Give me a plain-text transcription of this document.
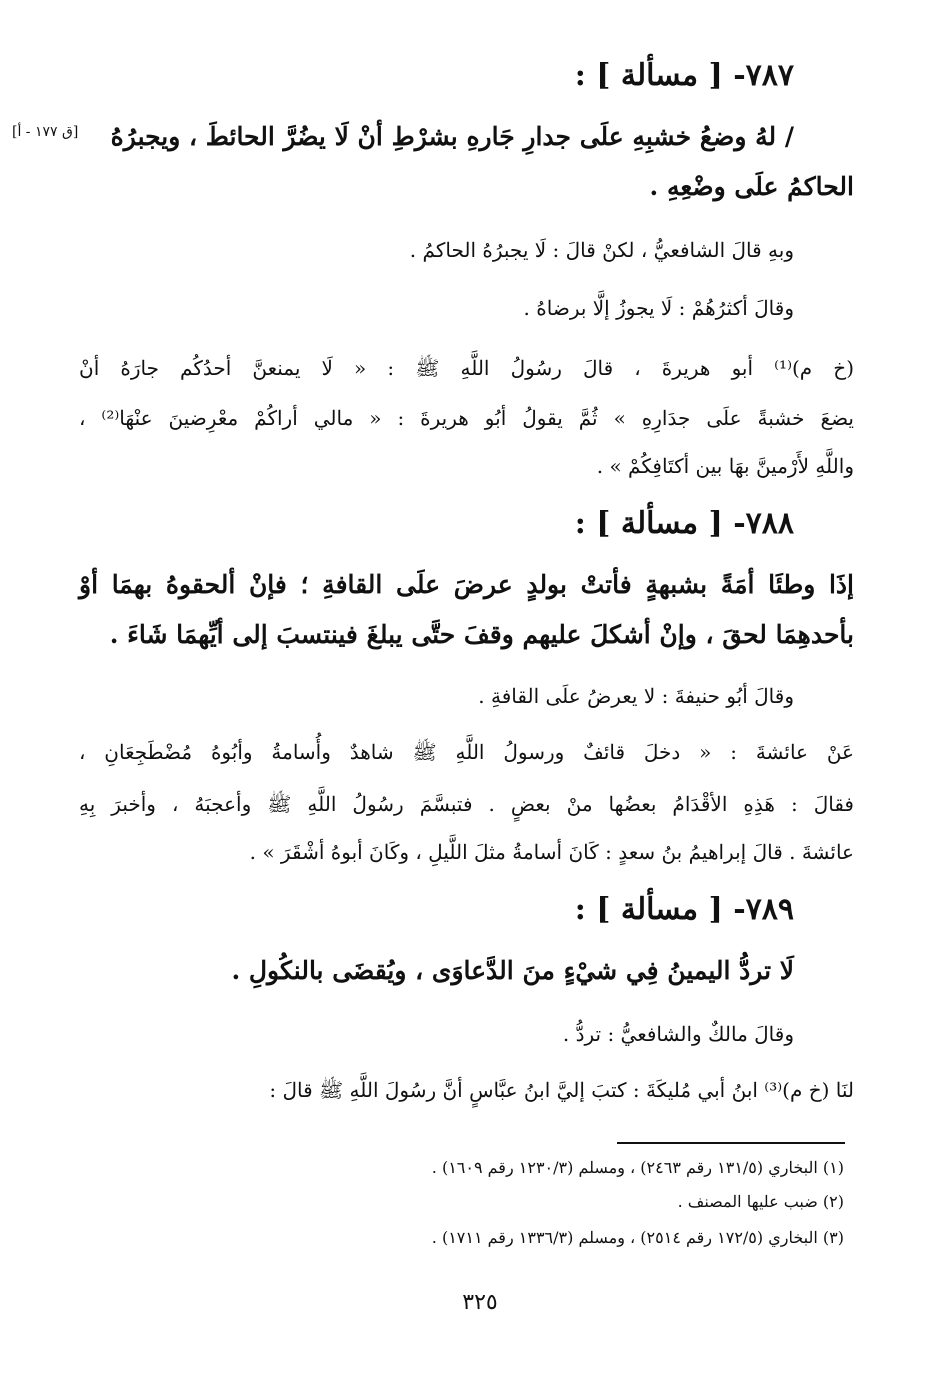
٧٨٧- [ مسألة ] :
/ لهُ وضعُ خشبِهِ علَى جدارِ جَارهِ بشرْطِ أنْ لَا يضُرَّ الحائطَ ، ويجبرُهُ
[ق ١٧٧ - أ]
الحاكمُ علَى وضْعِهِ .
وبهِ قالَ الشافعيُّ ، لكنْ قالَ : لَا يجبرُهُ الحاكمُ .
وقالَ أكثرُهُمْ : لَا يجوزُ إلَّا برضاهُ .
(خ م)⁽¹⁾ أبو هريرةَ ، قالَ رسُولُ اللَّهِ ﷺ : « لَا يمنعنَّ أحدُكُم جارَهُ أنْ
يضعَ خشبةً علَى جدَارِهِ » ثُمَّ يقولُ أبُو هريرةَ : « مالي أراكُمْ معْرِضينَ عنْهَا⁽²⁾ ،
واللَّهِ لأَرْمينَّ بهَا بين أكتَافِكُمْ » .
٧٨٨- [ مسألة ] :
إذَا وطئَا أمَةً بشبهةٍ فأتتْ بولدٍ عرضَ علَى القافةِ ؛ فإنْ ألحقوهُ بهمَا أوْ
بأحدهِمَا لحقَ ، وإنْ أشكلَ عليهم وقفَ حتَّى يبلغَ فينتسبَ إلى أيِّهمَا شَاءَ .
وقالَ أبُو حنيفةَ : لا يعرضُ علَى القافةِ .
عَنْ عائشةَ : « دخلَ قائفٌ ورسولُ اللَّهِ ﷺ شاهدٌ وأُسامةُ وأبُوهُ مُضْطَجِعَانِ ،
فقالَ : هَذِهِ الأقْدَامُ بعضُها منْ بعضٍ . فتبسَّمَ رسُولُ اللَّهِ ﷺ وأعجبَهُ ، وأخبرَ بِهِ
عائشةَ . قالَ إبراهيمُ بنُ سعدٍ : كَانَ أسامةُ مثلَ اللَّيلِ ، وكَانَ أبوهُ أشْقَرَ » .
٧٨٩- [ مسألة ] :
لَا تردُّ اليمينُ فِي شيْءٍ منَ الدَّعاوَى ، ويُقضَى بالنكُولِ .
وقالَ مالكٌ والشافعيُّ : تردُّ .
لنَا (خ م)⁽³⁾ ابنُ أبي مُليكَةَ : كتبَ إليَّ ابنُ عبَّاسٍ أنَّ رسُولَ اللَّهِ ﷺ قالَ :
(١) البخاري (١٣١/٥ رقم ٢٤٦٣) ، ومسلم (١٢٣٠/٣ رقم ١٦٠٩) .
(٢) ضبب عليها المصنف .
(٣) البخاري (١٧٢/٥ رقم ٢٥١٤) ، ومسلم (١٣٣٦/٣ رقم ١٧١١) .
٣٢٥
